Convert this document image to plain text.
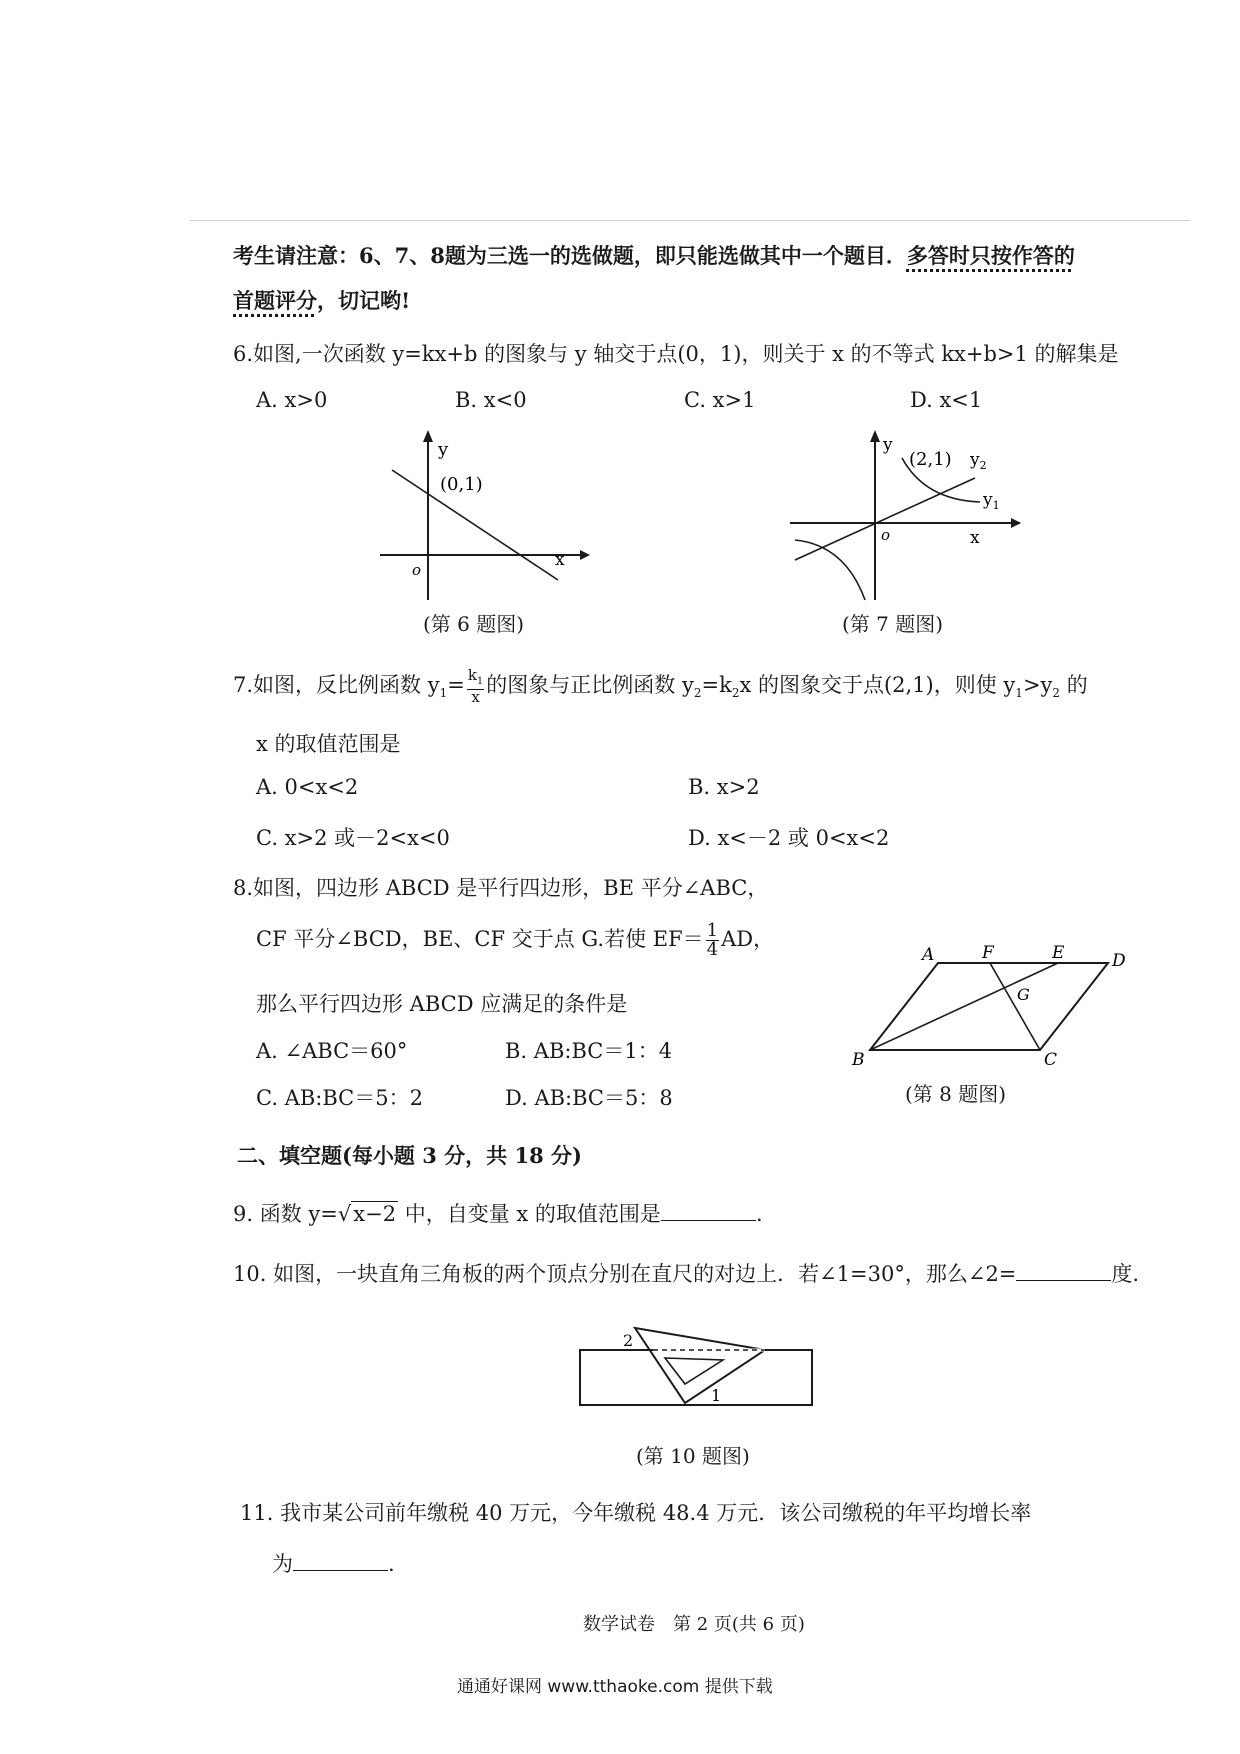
考生请注意：6、7、8题为三选一的选做题，即只能选做其中一个题目．多答时只按作答的
首题评分，切记哟!
6.如图,一次函数 y=kx+b 的图象与 y 轴交于点(0，1)，则关于 x 的不等式 kx+b>1 的解集是
A. x>0	B. x<0	C. x>1	D. x<1
y
(0,1)
o	x
(第 6 题图)
y
(2,1) $y_2$
$y_1$
o	x
(第 7 题图)
7.如图，反比例函数 $y_1= \frac{k_1}{x}$ 的图象与正比例函数 $y_2=k_2x$ 的图象交于点(2,1)，则使 $y_1>y_2$ 的
x 的取值范围是
A. 0<x<2	B. x>2
C. x>2 或－2<x<0	D. x<－2 或 0<x<2
8.如图，四边形 ABCD 是平行四边形，BE 平分∠ABC，
CF 平分∠BCD，BE、CF 交于点 G.若使 $EF= \frac{1}{4}$ AD，
那么平行四边形 ABCD 应满足的条件是
A. ∠ABC＝60°	B. AB:BC＝1：4
C. AB:BC＝5：2	D. AB:BC＝5：8
A	F	E	D
G
B	C
(第 8 题图)
二、填空题(每小题 3 分，共 18 分)
9. 函数 y=√x−2 中，自变量 x 的取值范围是	.
10. 如图，一块直角三角板的两个顶点分别在直尺的对边上．若∠1=30°，那么∠2=	度.
2
1
(第 10 题图)
11. 我市某公司前年缴税 40 万元，今年缴税 48.4 万元．该公司缴税的年平均增长率
为	.
数学试卷　第 2 页(共 6 页)
通通好课网 www.tthaoke.com 提供下载
